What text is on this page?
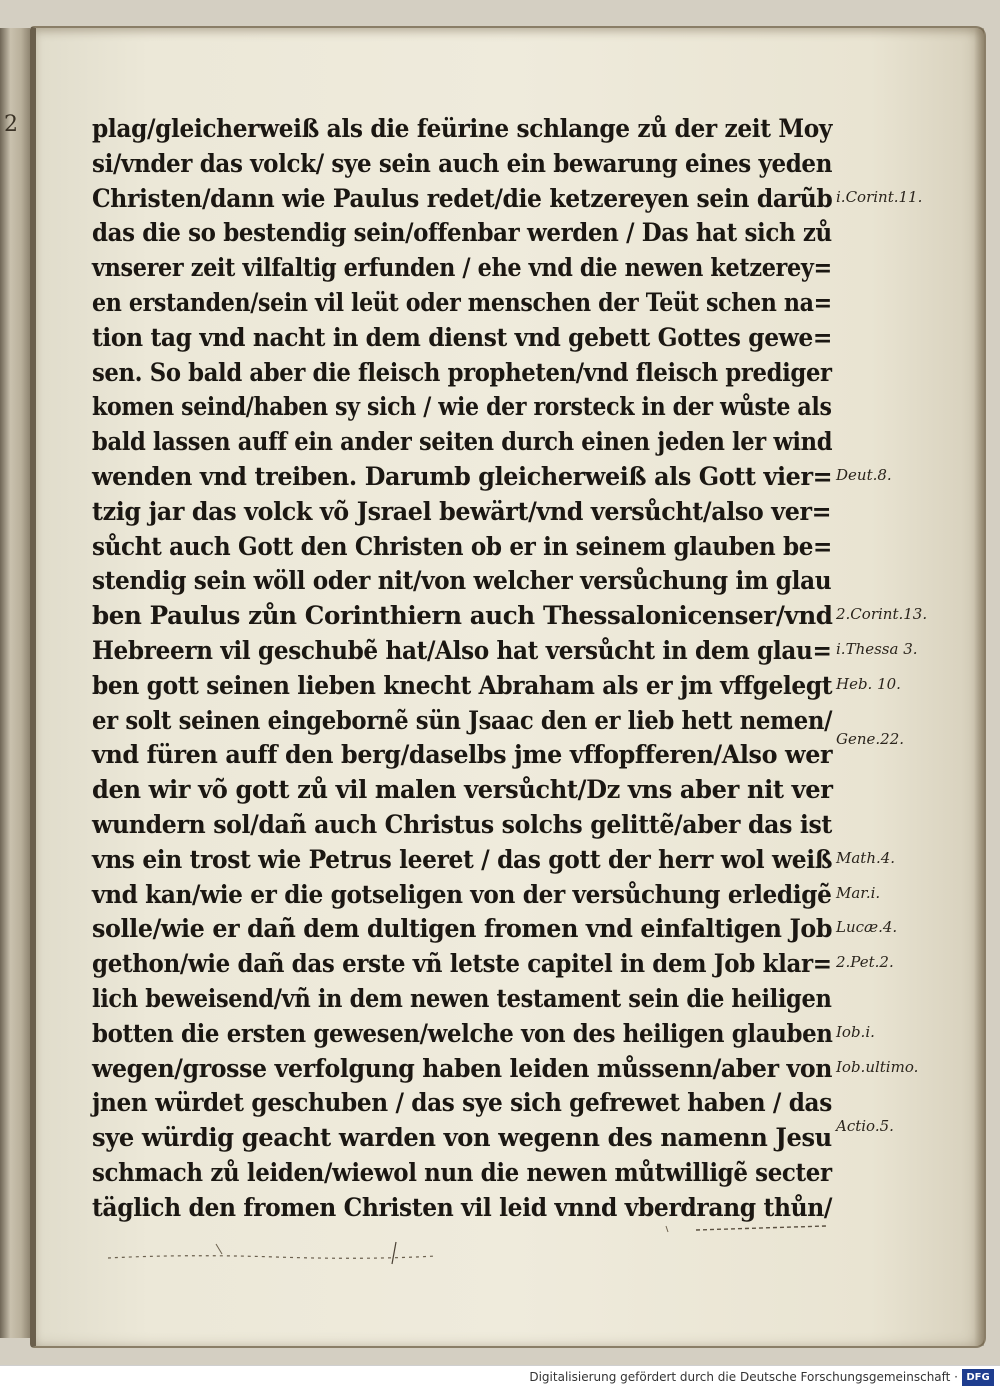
2	plag/gleicherweiß als die feürine schlange zů der zeit Moy
si/vnder das volck/ sye sein auch ein bewarung eines yeden
Christen/dann wie Paulus redet/die ketzereyen sein darũb
das die so bestendig sein/offenbar werden / Das hat sich zů
vnserer zeit vilfaltig erfunden / ehe vnd die newen ketzerey=
en erstanden/sein vil leüt oder menschen der Teüt schen na=
tion tag vnd nacht in dem dienst vnd gebett Gottes gewe=
sen. So bald aber die fleisch propheten/vnd fleisch prediger
komen seind/haben sy sich / wie der rorsteck in der wůste als
bald lassen auff ein ander seiten durch einen jeden ler wind
wenden vnd treiben. Darumb gleicherweiß als Gott vier=
tzig jar das volck võ Jsrael bewärt/vnd versůcht/also ver=
sůcht auch Gott den Christen ob er in seinem glauben be=
stendig sein wöll oder nit/von welcher versůchung im glau
ben Paulus zůn Corinthiern auch Thessalonicenser/vnd
Hebreern vil geschubẽ hat/Also hat versůcht in dem glau=
ben gott seinen lieben knecht Abraham als er jm vffgelegt
er solt seinen eingebornẽ sün Jsaac den er lieb hett nemen/
vnd füren auff den berg/daselbs jme vffopfferen/Also wer
den wir võ gott zů vil malen versůcht/Dz vns aber nit ver
wundern sol/dañ auch Christus solchs gelittẽ/aber das ist
vns ein trost wie Petrus leeret / das gott der herr wol weiß
vnd kan/wie er die gotseligen von der versůchung erledigẽ
solle/wie er dañ dem dultigen fromen vnd einfaltigen Job
gethon/wie dañ das erste vñ letste capitel in dem Job klar=
lich beweisend/vñ in dem newen testament sein die heiligen
botten die ersten gewesen/welche von des heiligen glauben
wegen/grosse verfolgung haben leiden můssenn/aber von
jnen würdet geschuben / das sye sich gefrewet haben / das
sye würdig geacht warden von wegenn des namenn Jesu
schmach zů leiden/wiewol nun die newen můtwilligẽ secter
täglich den fromen Christen vil leid vnnd vberdrang thůn/
i.Corint.11.
Deut.8.
2.Corint.13.
i.Thessa 3.
Heb. 10.
Gene.22.
Math.4.
Mar.i.
Lucæ.4.
2.Pet.2.
Iob.i.
Iob.ultimo.
Actio.5.
Digitalisierung gefördert durch die Deutsche Forschungsgemeinschaft · DFG
